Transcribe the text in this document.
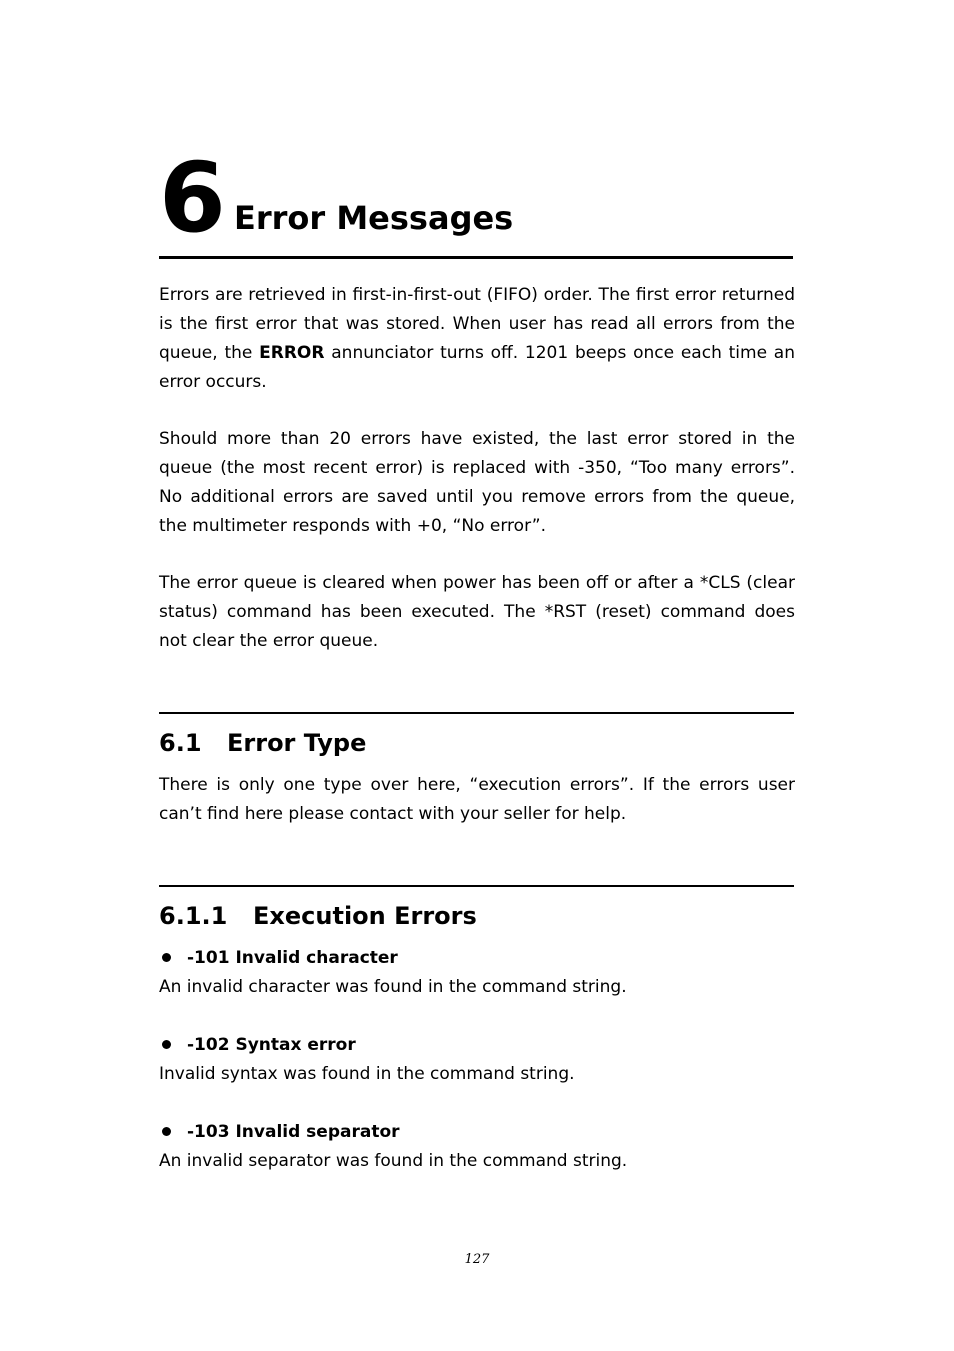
6 Error Messages

Errors are retrieved in first-in-first-out (FIFO) order. The first error returned is the first error that was stored. When user has read all errors from the queue, the ERROR annunciator turns off. 1201 beeps once each time an error occurs.

Should more than 20 errors have existed, the last error stored in the queue (the most recent error) is replaced with -350, “Too many errors”. No additional errors are saved until you remove errors from the queue, the multimeter responds with +0, “No error”.

The error queue is cleared when power has been off or after a *CLS (clear status) command has been executed. The *RST (reset) command does not clear the error queue.

6.1 Error Type

There is only one type over here, “execution errors”. If the errors user can’t find here please contact with your seller for help.

6.1.1 Execution Errors
-101 Invalid character
An invalid character was found in the command string.
-102 Syntax error
Invalid syntax was found in the command string.
-103 Invalid separator
An invalid separator was found in the command string.
127
